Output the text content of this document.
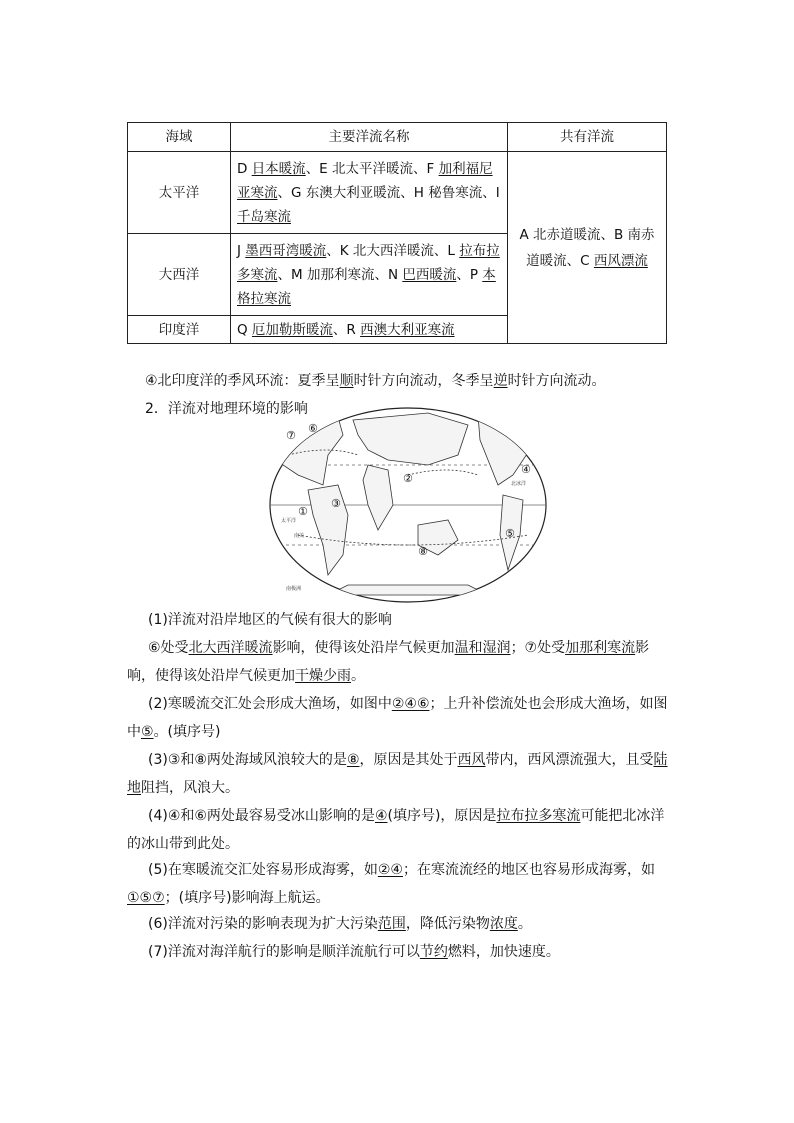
海域	主要洋流名称	共有洋流
太平洋	D 日本暖流、E 北太平洋暖流、F 加利福尼亚寒流、G 东澳大利亚暖流、H 秘鲁寒流、I 千岛寒流	A 北赤道暖流、B 南赤道暖流、C 西风漂流
大西洋	J 墨西哥湾暖流、K 北大西洋暖流、L 拉布拉多寒流、M 加那利寒流、N 巴西暖流、P 本格拉寒流	
印度洋	Q 厄加勒斯暖流、R 西澳大利亚寒流	

④北印度洋的季风环流：夏季呈顺时针方向流动，冬季呈逆时针方向流动。

2．洋流对地理环境的影响

⑦
⑥
③
②
④
①
⑧
⑤
北冰洋
太平洋
南极洲
南美

(1)洋流对沿岸地区的气候有很大的影响

⑥处受北大西洋暖流影响，使得该处沿岸气候更加温和湿润；⑦处受加那利寒流影响，使得该处沿岸气候更加干燥少雨。

(2)寒暖流交汇处会形成大渔场，如图中②④⑥；上升补偿流处也会形成大渔场，如图中⑤。(填序号)

(3)③和⑧两处海域风浪较大的是⑧，原因是其处于西风带内，西风漂流强大，且受陆地阻挡，风浪大。

(4)④和⑥两处最容易受冰山影响的是④(填序号)，原因是拉布拉多寒流可能把北冰洋的冰山带到此处。

(5)在寒暖流交汇处容易形成海雾，如②④；在寒流流经的地区也容易形成海雾，如①⑤⑦；(填序号)影响海上航运。

(6)洋流对污染的影响表现为扩大污染范围，降低污染物浓度。

(7)洋流对海洋航行的影响是顺洋流航行可以节约燃料，加快速度。
